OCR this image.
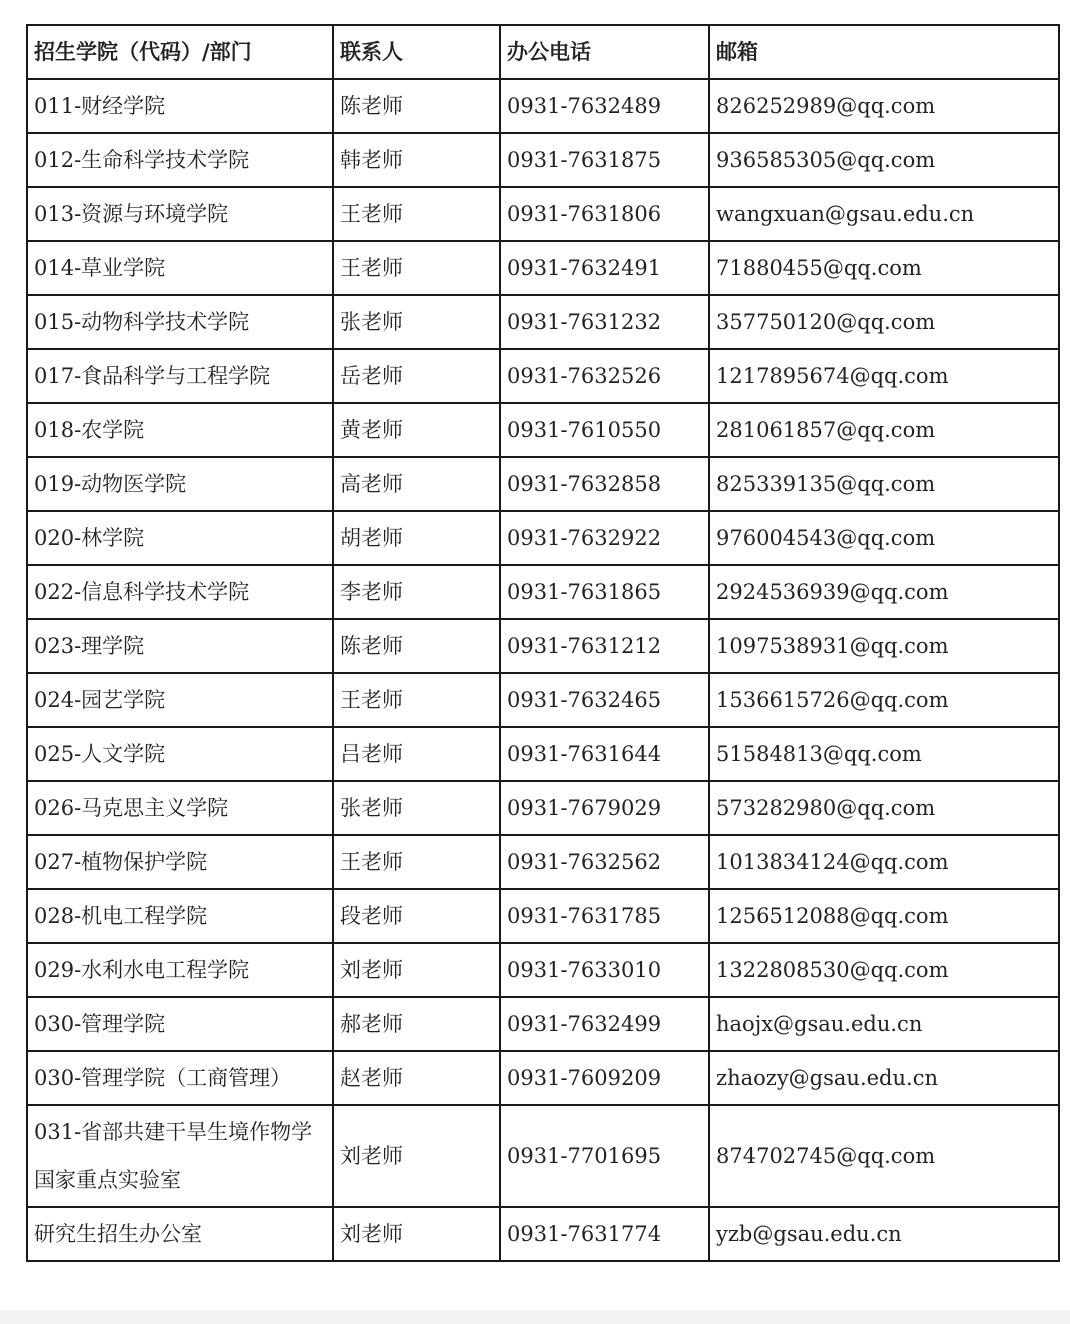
招生学院（代码）/部门	联系人	办公电话	邮箱
011-财经学院	陈老师	0931-7632489	826252989@qq.com
012-生命科学技术学院	韩老师	0931-7631875	936585305@qq.com
013-资源与环境学院	王老师	0931-7631806	wangxuan@gsau.edu.cn
014-草业学院	王老师	0931-7632491	71880455@qq.com
015-动物科学技术学院	张老师	0931-7631232	357750120@qq.com
017-食品科学与工程学院	岳老师	0931-7632526	1217895674@qq.com
018-农学院	黄老师	0931-7610550	281061857@qq.com
019-动物医学院	高老师	0931-7632858	825339135@qq.com
020-林学院	胡老师	0931-7632922	976004543@qq.com
022-信息科学技术学院	李老师	0931-7631865	2924536939@qq.com
023-理学院	陈老师	0931-7631212	1097538931@qq.com
024-园艺学院	王老师	0931-7632465	1536615726@qq.com
025-人文学院	吕老师	0931-7631644	51584813@qq.com
026-马克思主义学院	张老师	0931-7679029	573282980@qq.com
027-植物保护学院	王老师	0931-7632562	1013834124@qq.com
028-机电工程学院	段老师	0931-7631785	1256512088@qq.com
029-水利水电工程学院	刘老师	0931-7633010	1322808530@qq.com
030-管理学院	郝老师	0931-7632499	haojx@gsau.edu.cn
030-管理学院（工商管理）	赵老师	0931-7609209	zhaozy@gsau.edu.cn
031-省部共建干旱生境作物学国家重点实验室	刘老师	0931-7701695	874702745@qq.com
研究生招生办公室	刘老师	0931-7631774	yzb@gsau.edu.cn
